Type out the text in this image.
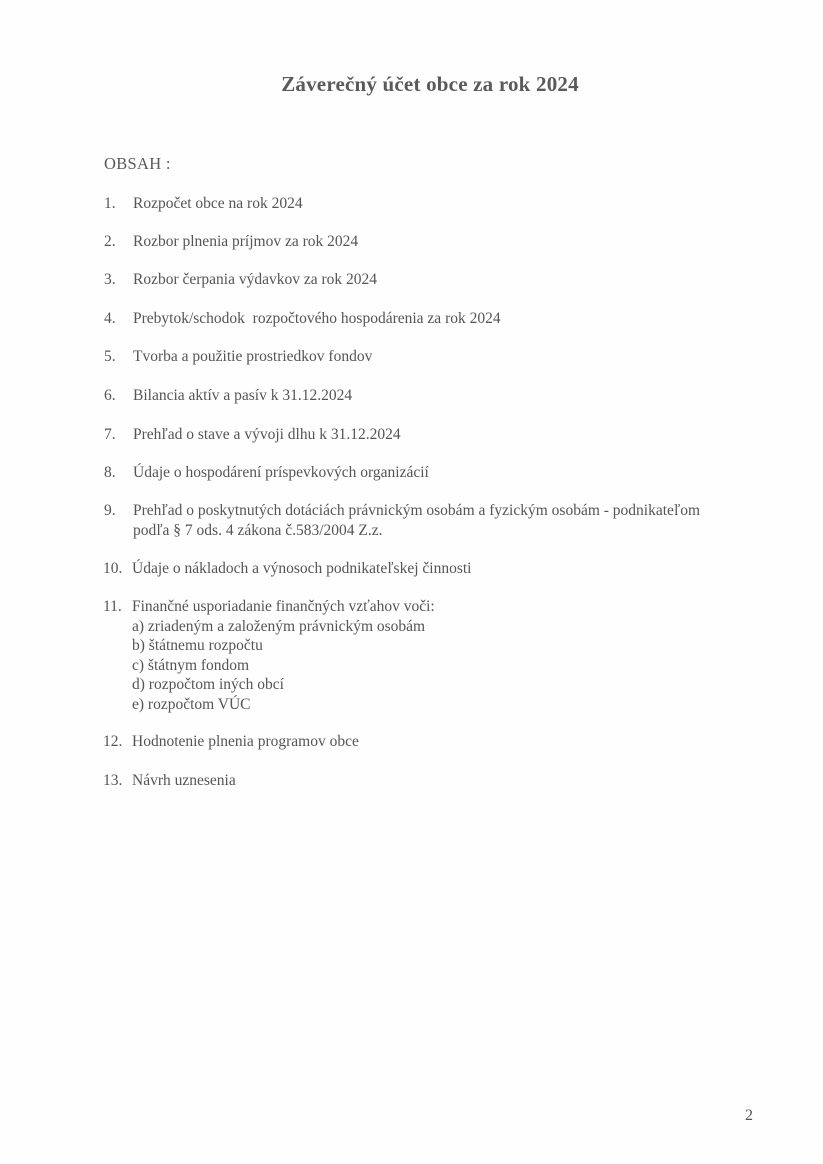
Záverečný účet obce za rok 2024
OBSAH :
1.	Rozpočet obce na rok 2024
2.	Rozbor plnenia príjmov za rok 2024
3.	Rozbor čerpania výdavkov za rok 2024
4.	Prebytok/schodok  rozpočtového hospodárenia za rok 2024
5.	Tvorba a použitie prostriedkov fondov
6.	Bilancia aktív a pasív k 31.12.2024
7.	Prehľad o stave a vývoji dlhu k 31.12.2024
8.	Údaje o hospodárení príspevkových organizácií
9.	Prehľad o poskytnutých dotáciách právnickým osobám a fyzickým osobám - podnikateľom
podľa § 7 ods. 4 zákona č.583/2004 Z.z.
10. Údaje o nákladoch a výnosoch podnikateľskej činnosti
11. Finančné usporiadanie finančných vzťahov voči:
a) zriadeným a založeným právnickým osobám
b) štátnemu rozpočtu
c) štátnym fondom
d) rozpočtom iných obcí
e) rozpočtom VÚC
12. Hodnotenie plnenia programov obce
13. Návrh uznesenia
2
